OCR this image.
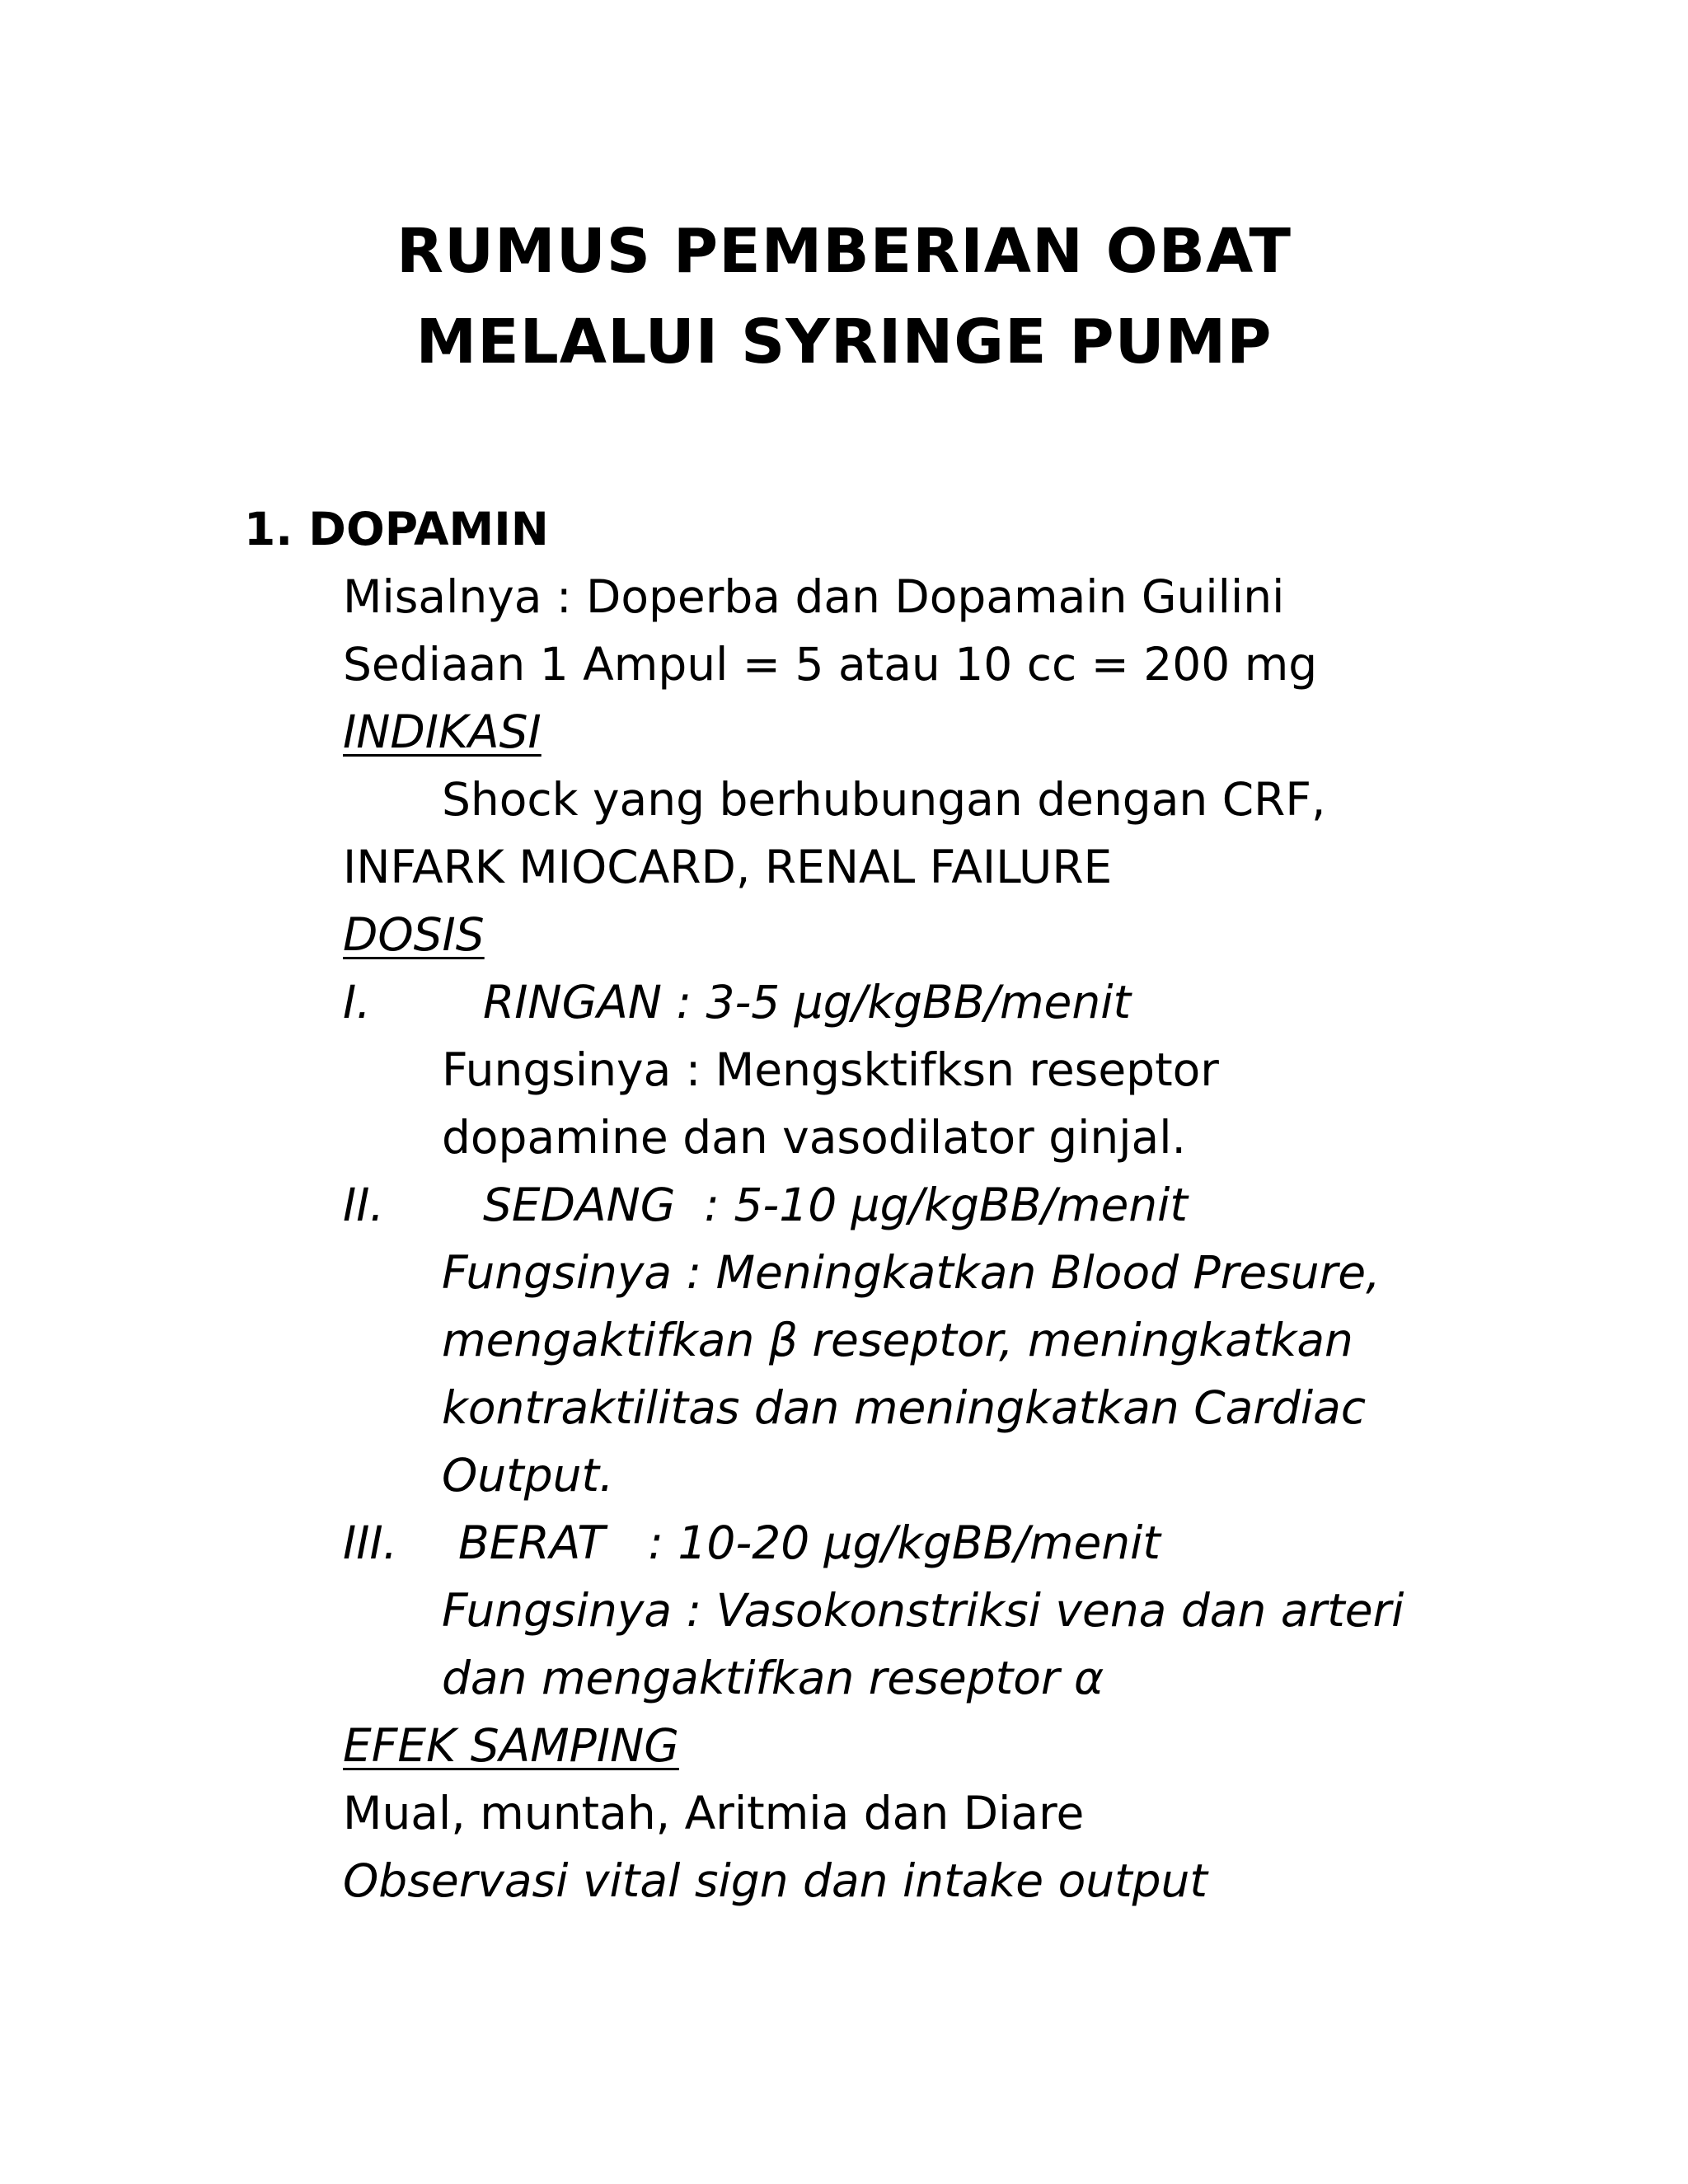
RUMUS PEMBERIAN OBAT
MELALUI SYRINGE PUMP
1. DOPAMIN
Misalnya : Doperba dan Dopamain Guilini
Sediaan 1 Ampul = 5 atau 10 cc = 200 mg
INDIKASI
Shock yang berhubungan dengan CRF,
INFARK MIOCARD, RENAL FAILURE
DOSIS
I. RINGAN : 3-5 µg/kgBB/menit
Fungsinya : Mengsktifksn reseptor
dopamine dan vasodilator ginjal.
II. SEDANG  : 5-10 µg/kgBB/menit
Fungsinya : Meningkatkan Blood Presure,
mengaktifkan β reseptor, meningkatkan
kontraktilitas dan meningkatkan Cardiac
Output.
III. BERAT   : 10-20 µg/kgBB/menit
Fungsinya : Vasokonstriksi vena dan arteri
dan mengaktifkan reseptor α
EFEK SAMPING
Mual, muntah, Aritmia dan Diare
Observasi vital sign dan intake output
